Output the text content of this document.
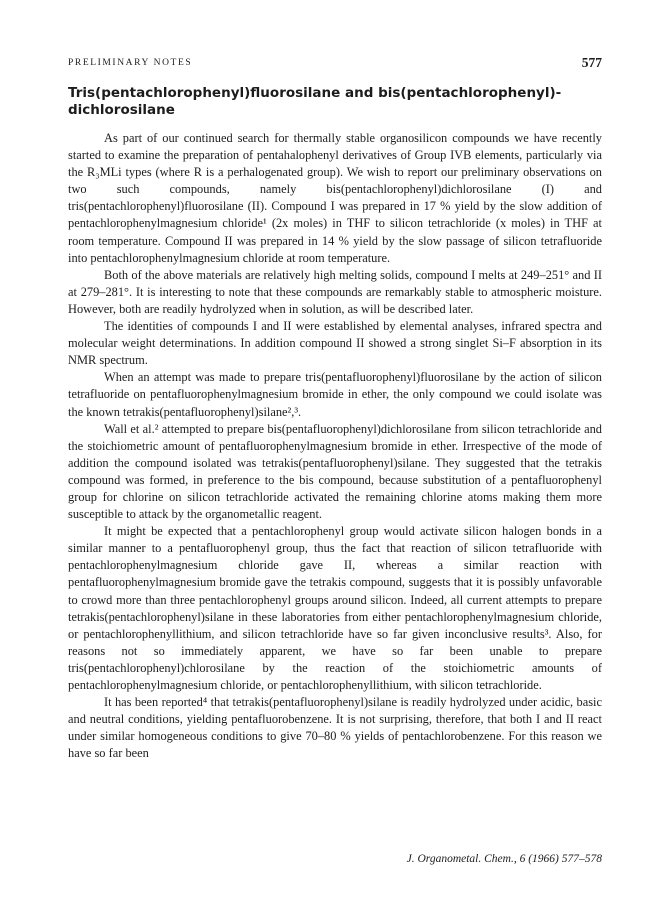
PRELIMINARY NOTES	577
Tris(pentachlorophenyl)fluorosilane and bis(pentachlorophenyl)-
dichlorosilane

As part of our continued search for thermally stable organosilicon compounds we have recently started to examine the preparation of pentahalophenyl derivatives of Group IVB elements, particularly via the R₃MLi types (where R is a perhalogenated group). We wish to report our preliminary observations on two such compounds, namely bis(pentachlorophenyl)dichlorosilane (I) and tris(pentachlorophenyl)fluorosilane (II). Compound I was prepared in 17 % yield by the slow addition of pentachlorophenylmagnesium chloride¹ (2x moles) in THF to silicon tetrachloride (x moles) in THF at room temperature. Compound II was prepared in 14 % yield by the slow passage of silicon tetrafluoride into pentachlorophenylmagnesium chloride at room temperature.

Both of the above materials are relatively high melting solids, compound I melts at 249–251° and II at 279–281°. It is interesting to note that these compounds are remarkably stable to atmospheric moisture. However, both are readily hydrolyzed when in solution, as will be described later.

The identities of compounds I and II were established by elemental analyses, infrared spectra and molecular weight determinations. In addition compound II showed a strong singlet Si–F absorption in its NMR spectrum.

When an attempt was made to prepare tris(pentafluorophenyl)fluorosilane by the action of silicon tetrafluoride on pentafluorophenylmagnesium bromide in ether, the only compound we could isolate was the known tetrakis(pentafluorophenyl)silane²,³.

Wall et al.² attempted to prepare bis(pentafluorophenyl)dichlorosilane from silicon tetrachloride and the stoichiometric amount of pentafluorophenylmagnesium bromide in ether. Irrespective of the mode of addition the compound isolated was tetrakis(pentafluorophenyl)silane. They suggested that the tetrakis compound was formed, in preference to the bis compound, because substitution of a pentafluorophenyl group for chlorine on silicon tetrachloride activated the remaining chlorine atoms making them more susceptible to attack by the organometallic reagent.

It might be expected that a pentachlorophenyl group would activate silicon halogen bonds in a similar manner to a pentafluorophenyl group, thus the fact that reaction of silicon tetrafluoride with pentachlorophenylmagnesium chloride gave II, whereas a similar reaction with pentafluorophenylmagnesium bromide gave the tetrakis compound, suggests that it is possibly unfavorable to crowd more than three pentachlorophenyl groups around silicon. Indeed, all current attempts to prepare tetrakis(pentachlorophenyl)silane in these laboratories from either pentachlorophenylmagnesium chloride, or pentachlorophenyllithium, and silicon tetrachloride have so far given inconclusive results³. Also, for reasons not so immediately apparent, we have so far been unable to prepare tris(pentachlorophenyl)chlorosilane by the reaction of the stoichiometric amounts of pentachlorophenylmagnesium chloride, or pentachlorophenyllithium, with silicon tetrachloride.

It has been reported⁴ that tetrakis(pentafluorophenyl)silane is readily hydrolyzed under acidic, basic and neutral conditions, yielding pentafluorobenzene. It is not surprising, therefore, that both I and II react under similar homogeneous conditions to give 70–80 % yields of pentachlorobenzene. For this reason we have so far been

J. Organometal. Chem., 6 (1966) 577–578
